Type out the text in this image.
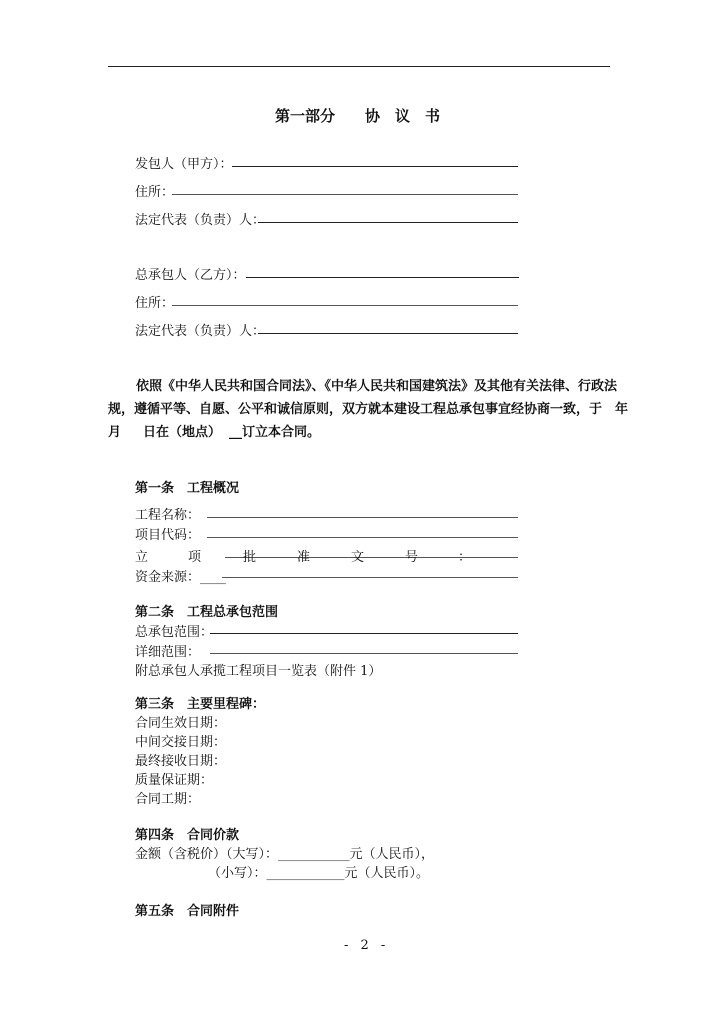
第一部分 协　议　书
发包人（甲方）：
住所：
法定代表（负责）人：
总承包人（乙方）：
住所：
法定代表（负责）人：
依照《中华人民共和国合同法》、《中华人民共和国建筑法》及其他有关法律、行政法
规，遵循平等、自愿、公平和诚信原则，双方就本建设工程总承包事宜经协商一致，于　年
月 日在（地点） __订立本合同。
第一条　工程概况
工程名称：
项目代码：
立	项	批	准	文	号	：
资金来源：____
第二条　工程总承包范围
总承包范围：
详细范围：
附总承包人承揽工程项目一览表（附件 1）
第三条　主要里程碑：
合同生效日期：
中间交接日期：
最终接收日期：
质量保证期：
合同工期：
第四条　合同价款
金额（含税价）（大写）：___________元（人民币），
（小写）：____________元（人民币）。
第五条　合同附件
- 2 -
